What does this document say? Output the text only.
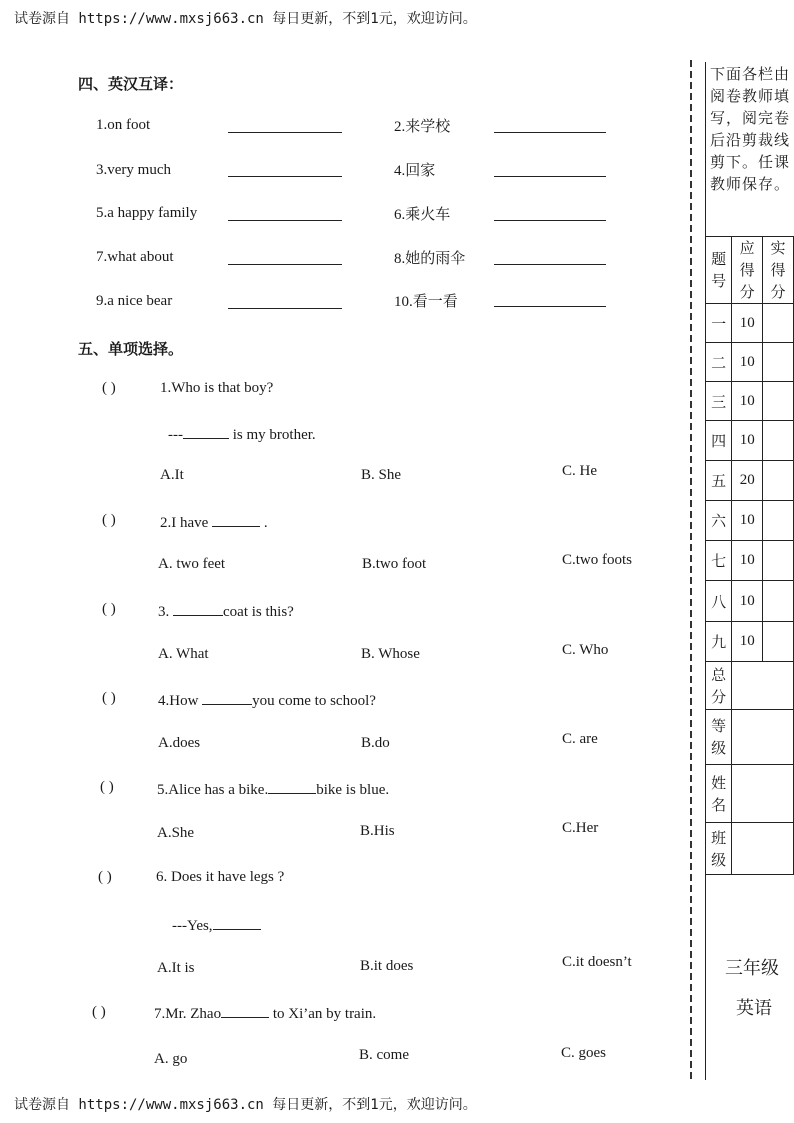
试卷源自 https://www.mxsj663.cn 每日更新，不到1元，欢迎访问。
试卷源自 https://www.mxsj663.cn 每日更新，不到1元，欢迎访问。
四、英汉互译：
1.on foot	2.来学校
3.very much	4.回家
5.a happy family	6.乘火车
7.what about	8.她的雨伞
9.a nice bear	10.看一看
五、单项选择。
( )	1.Who is that boy?
---	is my brother.
A.It	B. She	C. He
( )	2.I have	.
A. two feet	B.two foot	C.two foots
( )	3.	coat is this?
A. What	B. Whose	C. Who
( )	4.How	you come to school?
A.does	B.do	C. are
( )	5.Alice has a bike.	bike is blue.
A.She	B.His	C.Her
( )	6. Does it have legs ?
---Yes,
A.It is	B.it does	C.it doesn’t
( )	7.Mr. Zhao	to Xi’an by train.
A. go	B. come	C. goes
下面各栏由阅卷教师填写，阅完卷后沿剪裁线剪下。任课教师保存。
题号	应得分	实得分

一	10	
二	10	
三	10	
四	10	
五	20	
六	10	
七	10	
八	10	
九	10	

总分		

等级		

姓名		

班级		

三年级
英语
